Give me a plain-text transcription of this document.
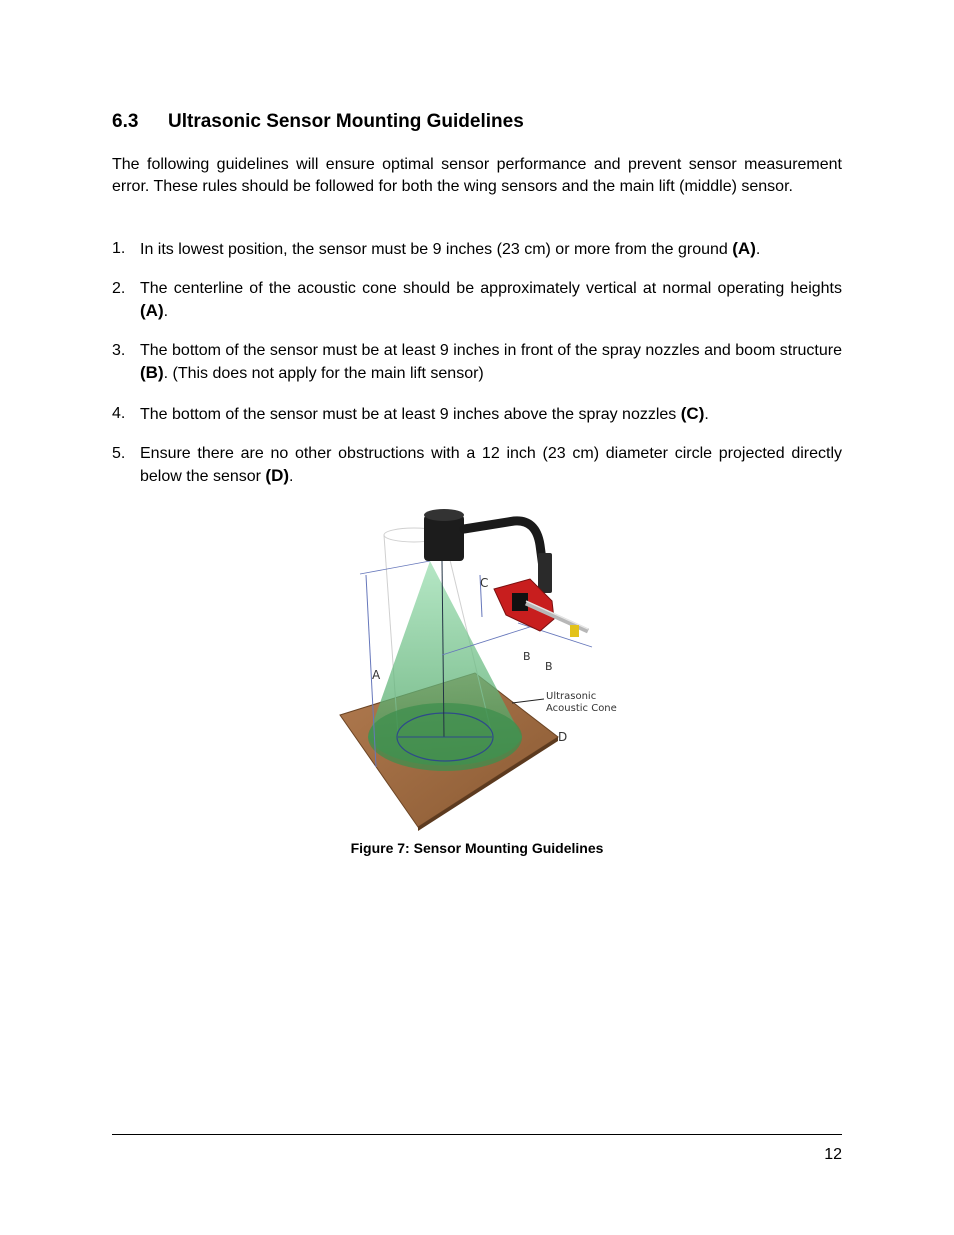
6.3	Ultrasonic Sensor Mounting Guidelines

The following guidelines will ensure optimal sensor performance and prevent sensor measurement error. These rules should be followed for both the wing sensors and the main lift (middle) sensor.

1. In its lowest position, the sensor must be 9 inches (23 cm) or more from the ground (A).
2. The centerline of the acoustic cone should be approximately vertical at normal operating heights (A).
3. The bottom of the sensor must be at least 9 inches in front of the spray nozzles and boom structure (B). (This does not apply for the main lift sensor)
4. The bottom of the sensor must be at least 9 inches above the spray nozzles (C).
5. Ensure there are no other obstructions with a 12 inch (23 cm) diameter circle projected directly below the sensor (D).
A
C
B
B
D
Ultrasonic
Acoustic Cone
Figure 7: Sensor Mounting Guidelines
12
